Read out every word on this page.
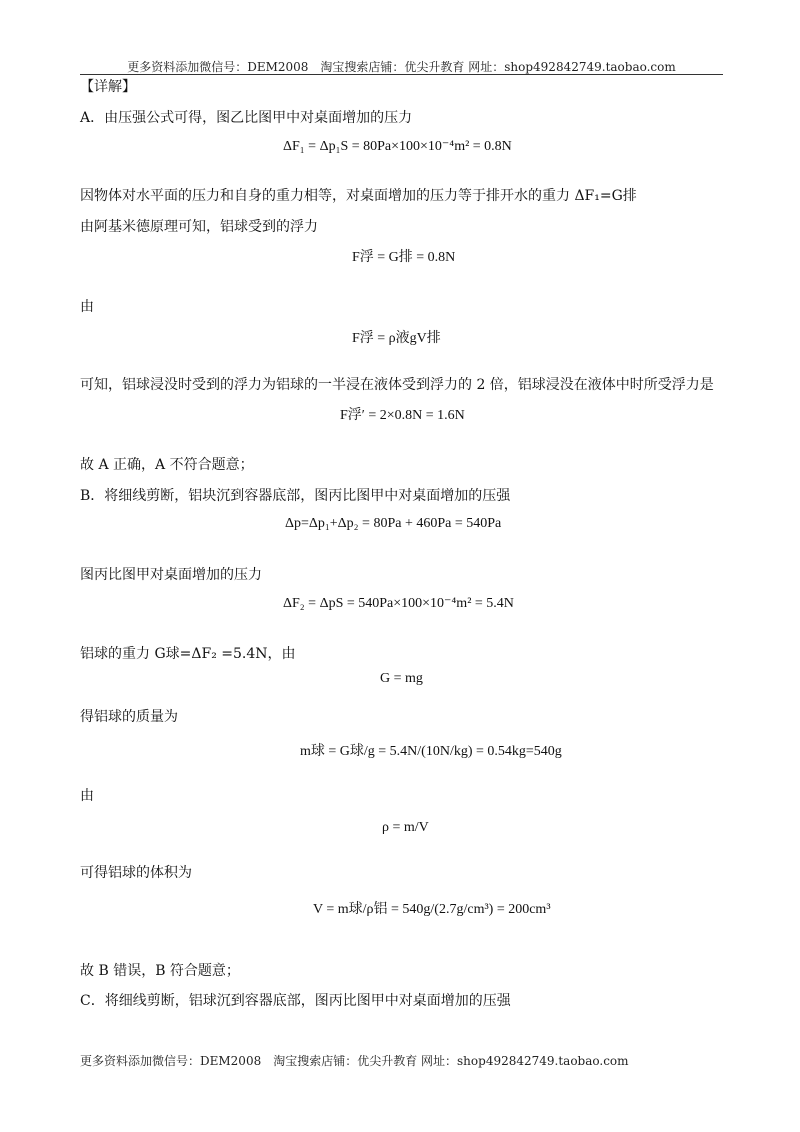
更多资料添加微信号：DEM2008　淘宝搜索店铺：优尖升教育 网址：shop492842749.taobao.com
【详解】
A．由压强公式可得，图乙比图甲中对桌面增加的压力
ΔF₁ = Δp₁S = 80Pa×100×10⁻⁴m² = 0.8N
因物体对水平面的压力和自身的重力相等，对桌面增加的压力等于排开水的重力 ΔF₁=G排
由阿基米德原理可知，铝球受到的浮力
F浮 = G排 = 0.8N
由
F浮 = ρ液gV排
可知，铝球浸没时受到的浮力为铝球的一半浸在液体受到浮力的 2 倍，铝球浸没在液体中时所受浮力是
F浮′ = 2×0.8N = 1.6N
故 A 正确，A 不符合题意；
B．将细线剪断，铝块沉到容器底部，图丙比图甲中对桌面增加的压强
Δp=Δp₁+Δp₂ = 80Pa + 460Pa = 540Pa
图丙比图甲对桌面增加的压力
ΔF₂ = ΔpS = 540Pa×100×10⁻⁴m² = 5.4N
铝球的重力 G球=ΔF₂ =5.4N，由
G = mg
得铝球的质量为
m球 = G球/g = 5.4N/(10N/kg) = 0.54kg=540g
由
ρ = m/V
可得铝球的体积为
V = m球/ρ铝 = 540g/(2.7g/cm³) = 200cm³
故 B 错误，B 符合题意；
C．将细线剪断，铝球沉到容器底部，图丙比图甲中对桌面增加的压强
更多资料添加微信号：DEM2008　淘宝搜索店铺：优尖升教育 网址：shop492842749.taobao.com
